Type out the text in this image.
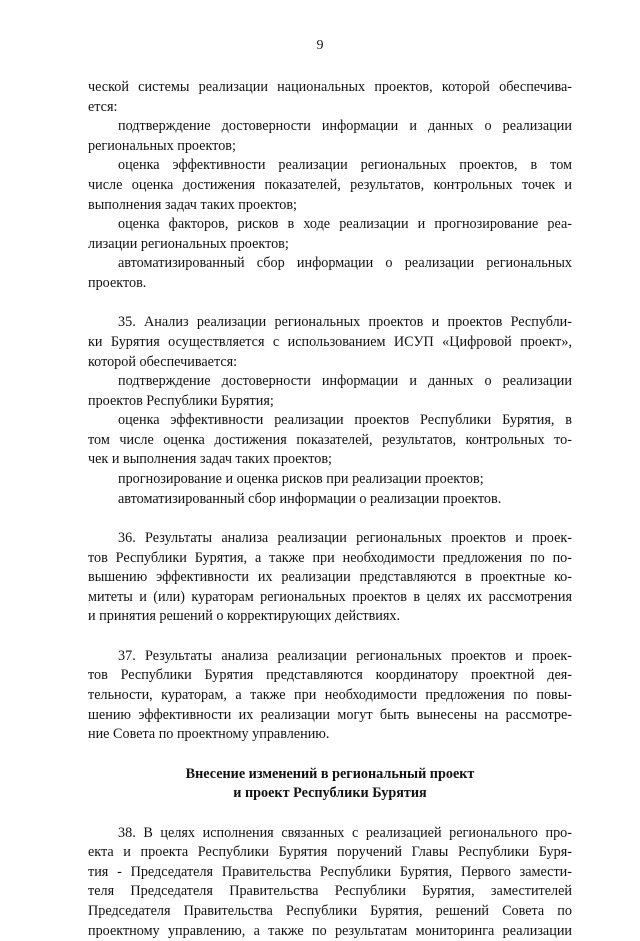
9
ческой системы реализации национальных проектов, которой обеспечива-
ется:
подтверждение достоверности информации и данных о реализации
региональных проектов;
оценка эффективности реализации региональных проектов, в том
числе оценка достижения показателей, результатов, контрольных точек и
выполнения задач таких проектов;
оценка факторов, рисков в ходе реализации и прогнозирование реа-
лизации региональных проектов;
автоматизированный сбор информации о реализации региональных
проектов.
35. Анализ реализации региональных проектов и проектов Республи-
ки Бурятия осуществляется с использованием ИСУП «Цифровой проект»,
которой обеспечивается:
подтверждение достоверности информации и данных о реализации
проектов Республики Бурятия;
оценка эффективности реализации проектов Республики Бурятия, в
том числе оценка достижения показателей, результатов, контрольных то-
чек и выполнения задач таких проектов;
прогнозирование и оценка рисков при реализации проектов;
автоматизированный сбор информации о реализации проектов.
36. Результаты анализа реализации региональных проектов и проек-
тов Республики Бурятия, а также при необходимости предложения по по-
вышению эффективности их реализации представляются в проектные ко-
митеты и (или) кураторам региональных проектов в целях их рассмотрения
и принятия решений о корректирующих действиях.
37. Результаты анализа реализации региональных проектов и проек-
тов Республики Бурятия представляются координатору проектной дея-
тельности, кураторам, а также при необходимости предложения по повы-
шению эффективности их реализации могут быть вынесены на рассмотре-
ние Совета по проектному управлению.
Внесение изменений в региональный проект
и проект Республики Бурятия
38. В целях исполнения связанных с реализацией регионального про-
екта и проекта Республики Бурятия поручений Главы Республики Буря-
тия - Председателя Правительства Республики Бурятия, Первого замести-
теля Председателя Правительства Республики Бурятия, заместителей
Председателя Правительства Республики Бурятия, решений Совета по
проектному управлению, а также по результатам мониторинга реализации
